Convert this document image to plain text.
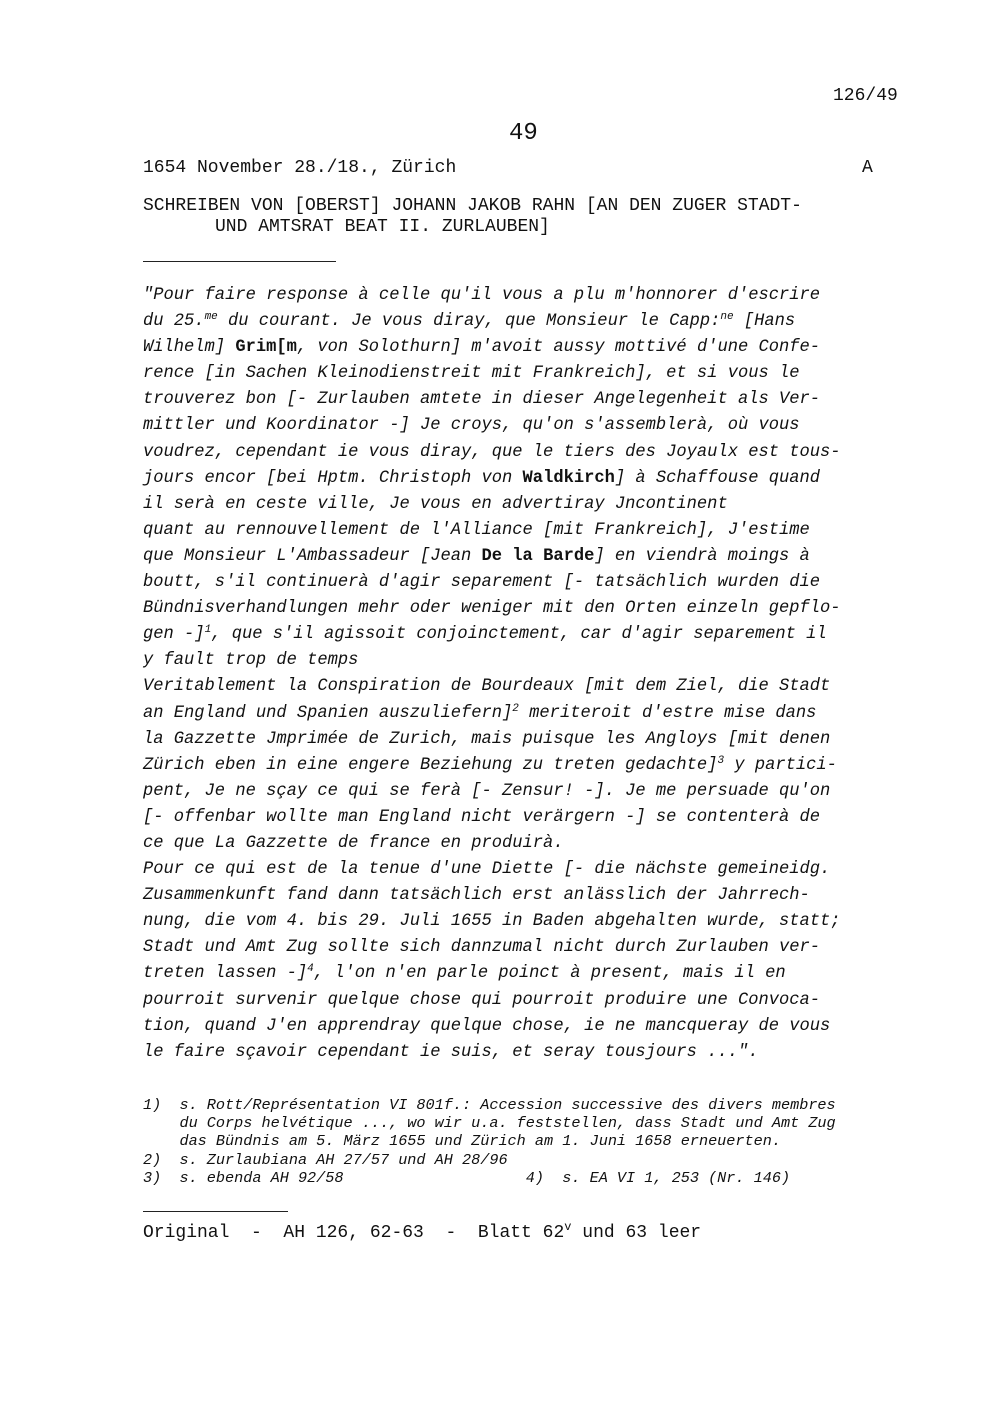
126/49
49
1654 November 28./18., Zürich	A
SCHREIBEN VON [OBERST] JOHANN JAKOB RAHN [AN DEN ZUGER STADT-
UND AMTSRAT BEAT II. ZURLAUBEN]
"Pour faire response à celle qu'il vous a plu m'honnorer d'escrire
du 25.$^{me}$ du courant. Je vous diray, que Monsieur le Capp:$^{ne}$ [Hans
Wilhelm] Grim[m, von Solothurn] m'avoit aussy mottivé d'une Confe-
rence [in Sachen Kleinodienstreit mit Frankreich], et si vous le
trouverez bon [- Zurlauben amtete in dieser Angelegenheit als Ver-
mittler und Koordinator -] Je croys, qu'on s'assemblerà, où vous
voudrez, cependant ie vous diray, que le tiers des Joyaulx est tous-
jours encor [bei Hptm. Christoph von Waldkirch] à Schaffouse quand
il serà en ceste ville, Je vous en advertiray Jncontinent
quant au rennouvellement de l'Alliance [mit Frankreich], J'estime
que Monsieur L'Ambassadeur [Jean De la Barde] en viendrà moings à
boutt, s'il continuerà d'agir separement [- tatsächlich wurden die
Bündnisverhandlungen mehr oder weniger mit den Orten einzeln gepflo-
gen -]$^1$, que s'il agissoit conjoinctement, car d'agir separement il
y fault trop de temps
Veritablement la Conspiration de Bourdeaux [mit dem Ziel, die Stadt
an England und Spanien auszuliefern]$^2$ meriteroit d'estre mise dans
la Gazzette Jmprimée de Zurich, mais puisque les Angloys [mit denen
Zürich eben in eine engere Beziehung zu treten gedachte]$^3$ y partici-
pent, Je ne sçay ce qui se ferà [- Zensur! -]. Je me persuade qu'on
[- offenbar wollte man England nicht verärgern -] se contenterà de
ce que La Gazzette de france en produirà.
Pour ce qui est de la tenue d'une Diette [- die nächste gemeineidg.
Zusammenkunft fand dann tatsächlich erst anlässlich der Jahrrech-
nung, die vom 4. bis 29. Juli 1655 in Baden abgehalten wurde, statt;
Stadt und Amt Zug sollte sich dannzumal nicht durch Zurlauben ver-
treten lassen -]$^4$, l'on n'en parle poinct à present, mais il en
pourroit survenir quelque chose qui pourroit produire une Convoca-
tion, quand J'en apprendray quelque chose, ie ne mancqueray de vous
le faire sçavoir cependant ie suis, et seray tousjours ...".
1)  s. Rott/Représentation VI 801f.: Accession successive des divers membres
du Corps helvétique ..., wo wir u.a. feststellen, dass Stadt und Amt Zug
das Bündnis am 5. März 1655 und Zürich am 1. Juni 1658 erneuerten.
2)  s. Zurlaubiana AH 27/57 und AH 28/96
3)  s. ebenda AH 92/58                    4)  s. EA VI 1, 253 (Nr. 146)
Original  -  AH 126, 62-63  -  Blatt 62$^v$ und 63 leer
